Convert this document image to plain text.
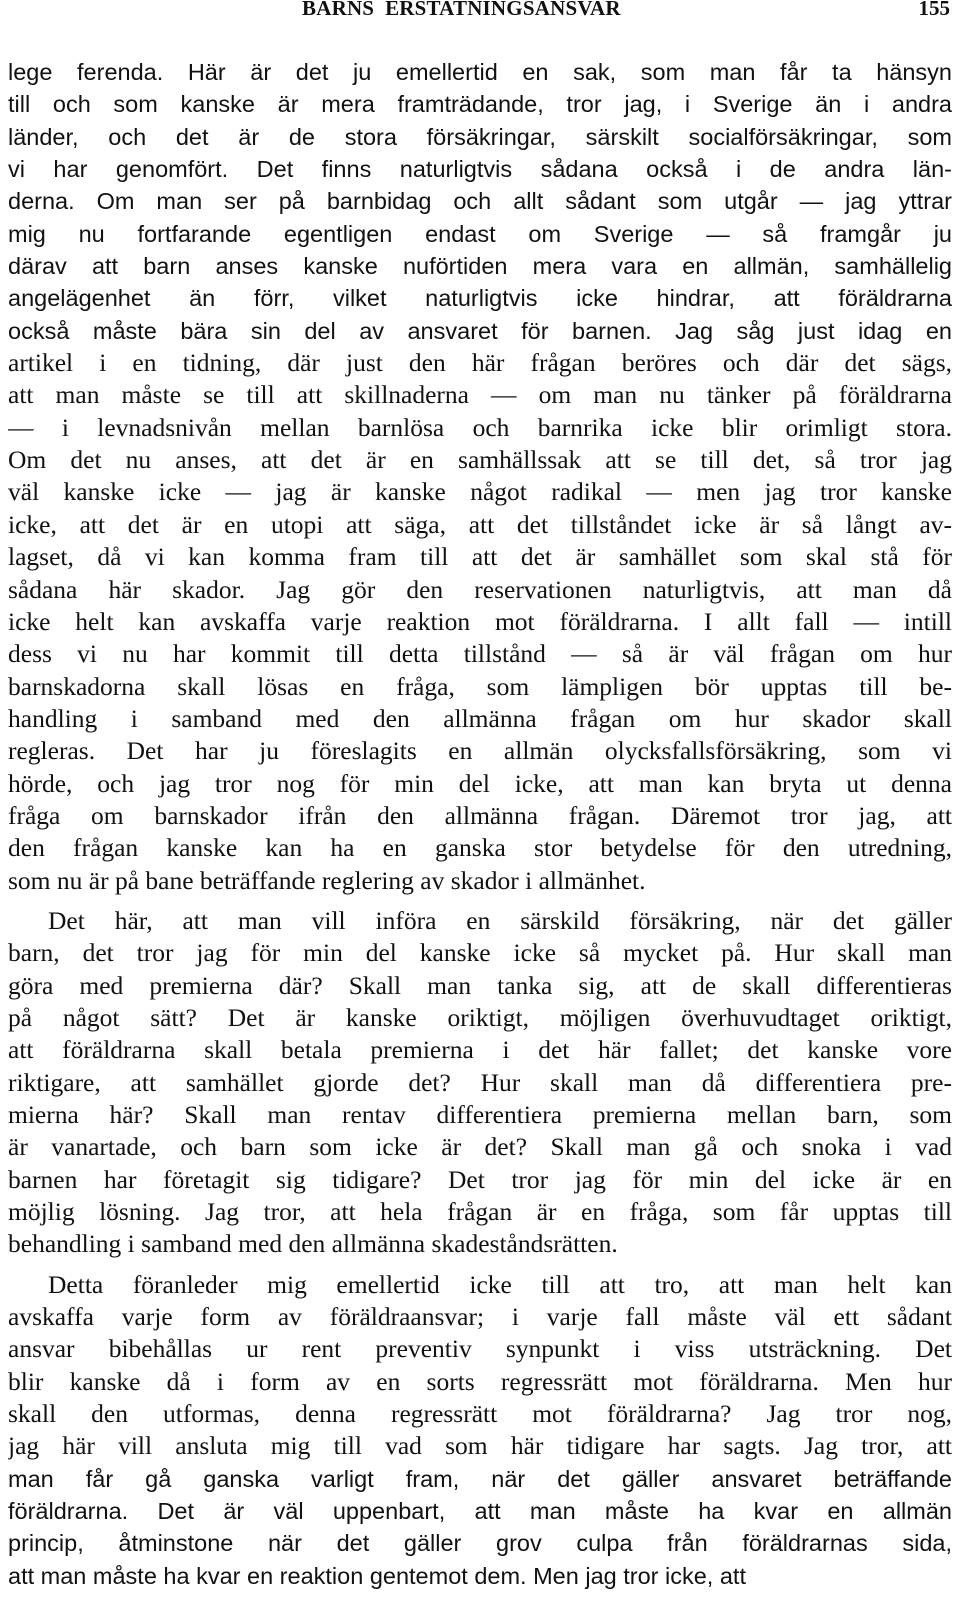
BARNS  ERSTATNINGSANSVAR	155
lege ferenda. Här är det ju emellertid en sak, som man får ta hänsyn
till och som kanske är mera framträdande, tror jag, i Sverige än i andra
länder, och det är de stora försäkringar, särskilt socialförsäkringar, som
vi har genomfört. Det finns naturligtvis sådana också i de andra län-
derna. Om man ser på barnbidag och allt sådant som utgår — jag yttrar
mig nu fortfarande egentligen endast om Sverige — så framgår ju
därav att barn anses kanske nuförtiden mera vara en allmän, samhällelig
angelägenhet än förr, vilket naturligtvis icke hindrar, att föräldrarna
också måste bära sin del av ansvaret för barnen. Jag såg just idag en
artikel i en tidning, där just den här frågan beröres och där det sägs,
att man måste se till att skillnaderna — om man nu tänker på föräldrarna
— i levnadsnivån mellan barnlösa och barnrika icke blir orimligt stora.
Om det nu anses, att det är en samhällssak att se till det, så tror jag
väl kanske icke — jag är kanske något radikal — men jag tror kanske
icke, att det är en utopi att säga, att det tillståndet icke är så långt av-
lagset, då vi kan komma fram till att det är samhället som skal stå för
sådana här skador. Jag gör den reservationen naturligtvis, att man då
icke helt kan avskaffa varje reaktion mot föräldrarna. I allt fall — intill
dess vi nu har kommit till detta tillstånd — så är väl frågan om hur
barnskadorna skall lösas en fråga, som lämpligen bör upptas till be-
handling i samband med den allmänna frågan om hur skador skall
regleras. Det har ju föreslagits en allmän olycksfallsförsäkring, som vi
hörde, och jag tror nog för min del icke, att man kan bryta ut denna
fråga om barnskador ifrån den allmänna frågan. Däremot tror jag, att
den frågan kanske kan ha en ganska stor betydelse för den utredning,
som nu är på bane beträffande reglering av skador i allmänhet.
Det här, att man vill införa en särskild försäkring, när det gäller
barn, det tror jag för min del kanske icke så mycket på. Hur skall man
göra med premierna där? Skall man tanka sig, att de skall differentieras
på något sätt? Det är kanske oriktigt, möjligen överhuvudtaget oriktigt,
att föräldrarna skall betala premierna i det här fallet; det kanske vore
riktigare, att samhället gjorde det? Hur skall man då differentiera pre-
mierna här? Skall man rentav differentiera premierna mellan barn, som
är vanartade, och barn som icke är det? Skall man gå och snoka i vad
barnen har företagit sig tidigare? Det tror jag för min del icke är en
möjlig lösning. Jag tror, att hela frågan är en fråga, som får upptas till
behandling i samband med den allmänna skadeståndsrätten.
Detta föranleder mig emellertid icke till att tro, att man helt kan
avskaffa varje form av föräldraansvar; i varje fall måste väl ett sådant
ansvar bibehållas ur rent preventiv synpunkt i viss utsträckning. Det
blir kanske då i form av en sorts regressrätt mot föräldrarna. Men hur
skall den utformas, denna regressrätt mot föräldrarna? Jag tror nog,
jag här vill ansluta mig till vad som här tidigare har sagts. Jag tror, att
man får gå ganska varligt fram, när det gäller ansvaret beträffande
föräldrarna. Det är väl uppenbart, att man måste ha kvar en allmän
princip, åtminstone när det gäller grov culpa från föräldrarnas sida,
att man måste ha kvar en reaktion gentemot dem. Men jag tror icke, att
